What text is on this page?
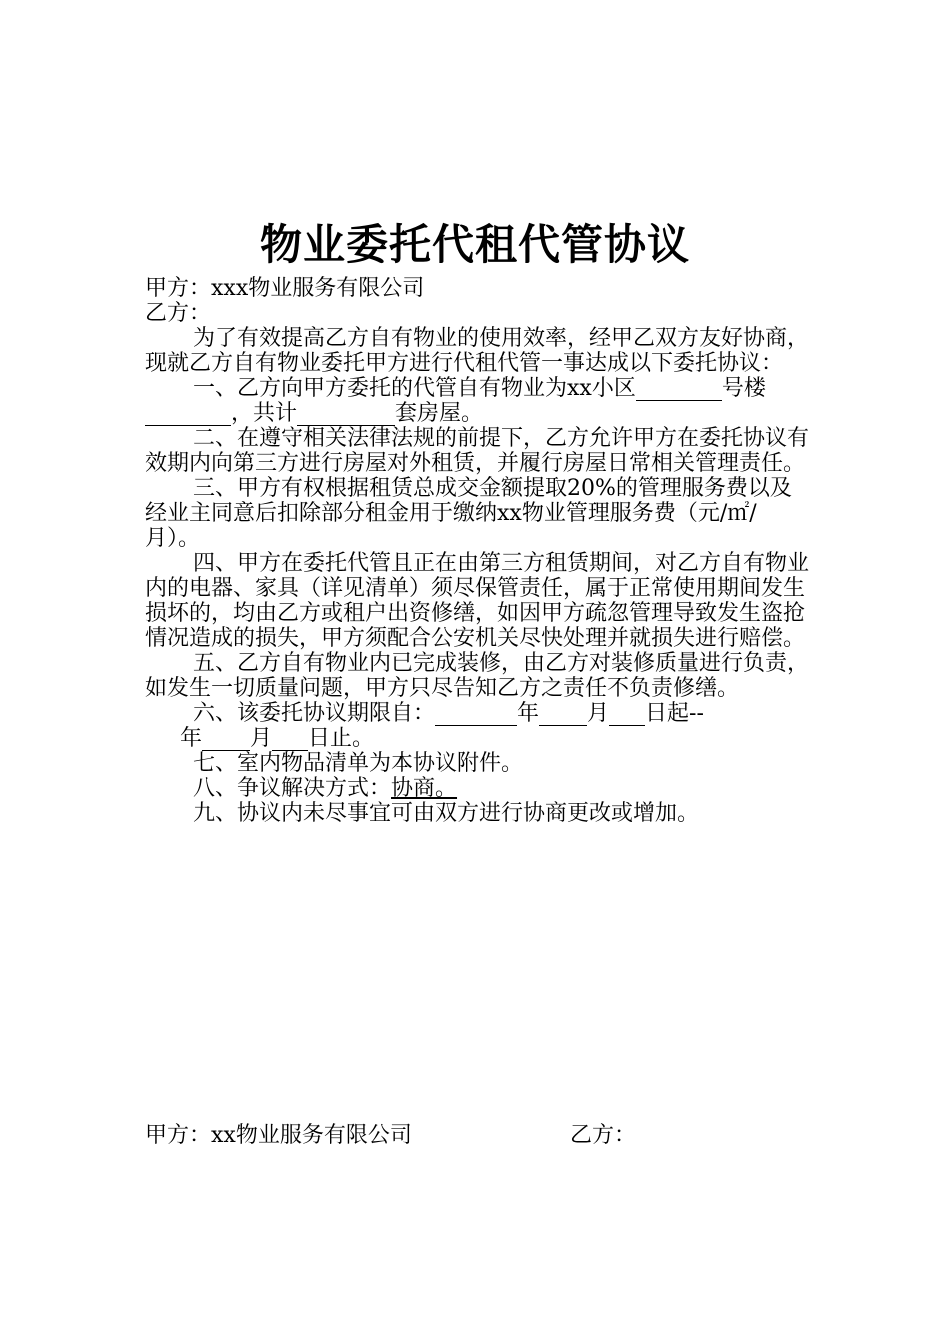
物业委托代租代管协议

甲方：xxx物业服务有限公司

乙方：

为了有效提高乙方自有物业的使用效率，经甲乙双方友好协商，现就乙方自有物业委托甲方进行代租代管一事达成以下委托协议：

一、乙方向甲方委托的代管自有物业为xx小区	号楼，共计	套房屋。

二、在遵守相关法律法规的前提下，乙方允许甲方在委托协议有效期内向第三方进行房屋对外租赁，并履行房屋日常相关管理责任。

三、甲方有权根据租赁总成交金额提取20%的管理服务费以及经业主同意后扣除部分租金用于缴纳xx物业管理服务费（元/㎡/月）。

四、甲方在委托代管且正在由第三方租赁期间，对乙方自有物业内的电器、家具（详见清单）须尽保管责任，属于正常使用期间发生损坏的，均由乙方或租户出资修缮，如因甲方疏忽管理导致发生盗抢情况造成的损失，甲方须配合公安机关尽快处理并就损失进行赔偿。

五、乙方自有物业内已完成装修，由乙方对装修质量进行负责，如发生一切质量问题，甲方只尽告知乙方之责任不负责修缮。

六、该委托协议期限自：	年 月 日起--
年 月 日止。

七、室内物品清单为本协议附件。

八、争议解决方式：协商。

九、协议内未尽事宜可由双方进行协商更改或增加。

甲方：xx物业服务有限公司	乙方：
